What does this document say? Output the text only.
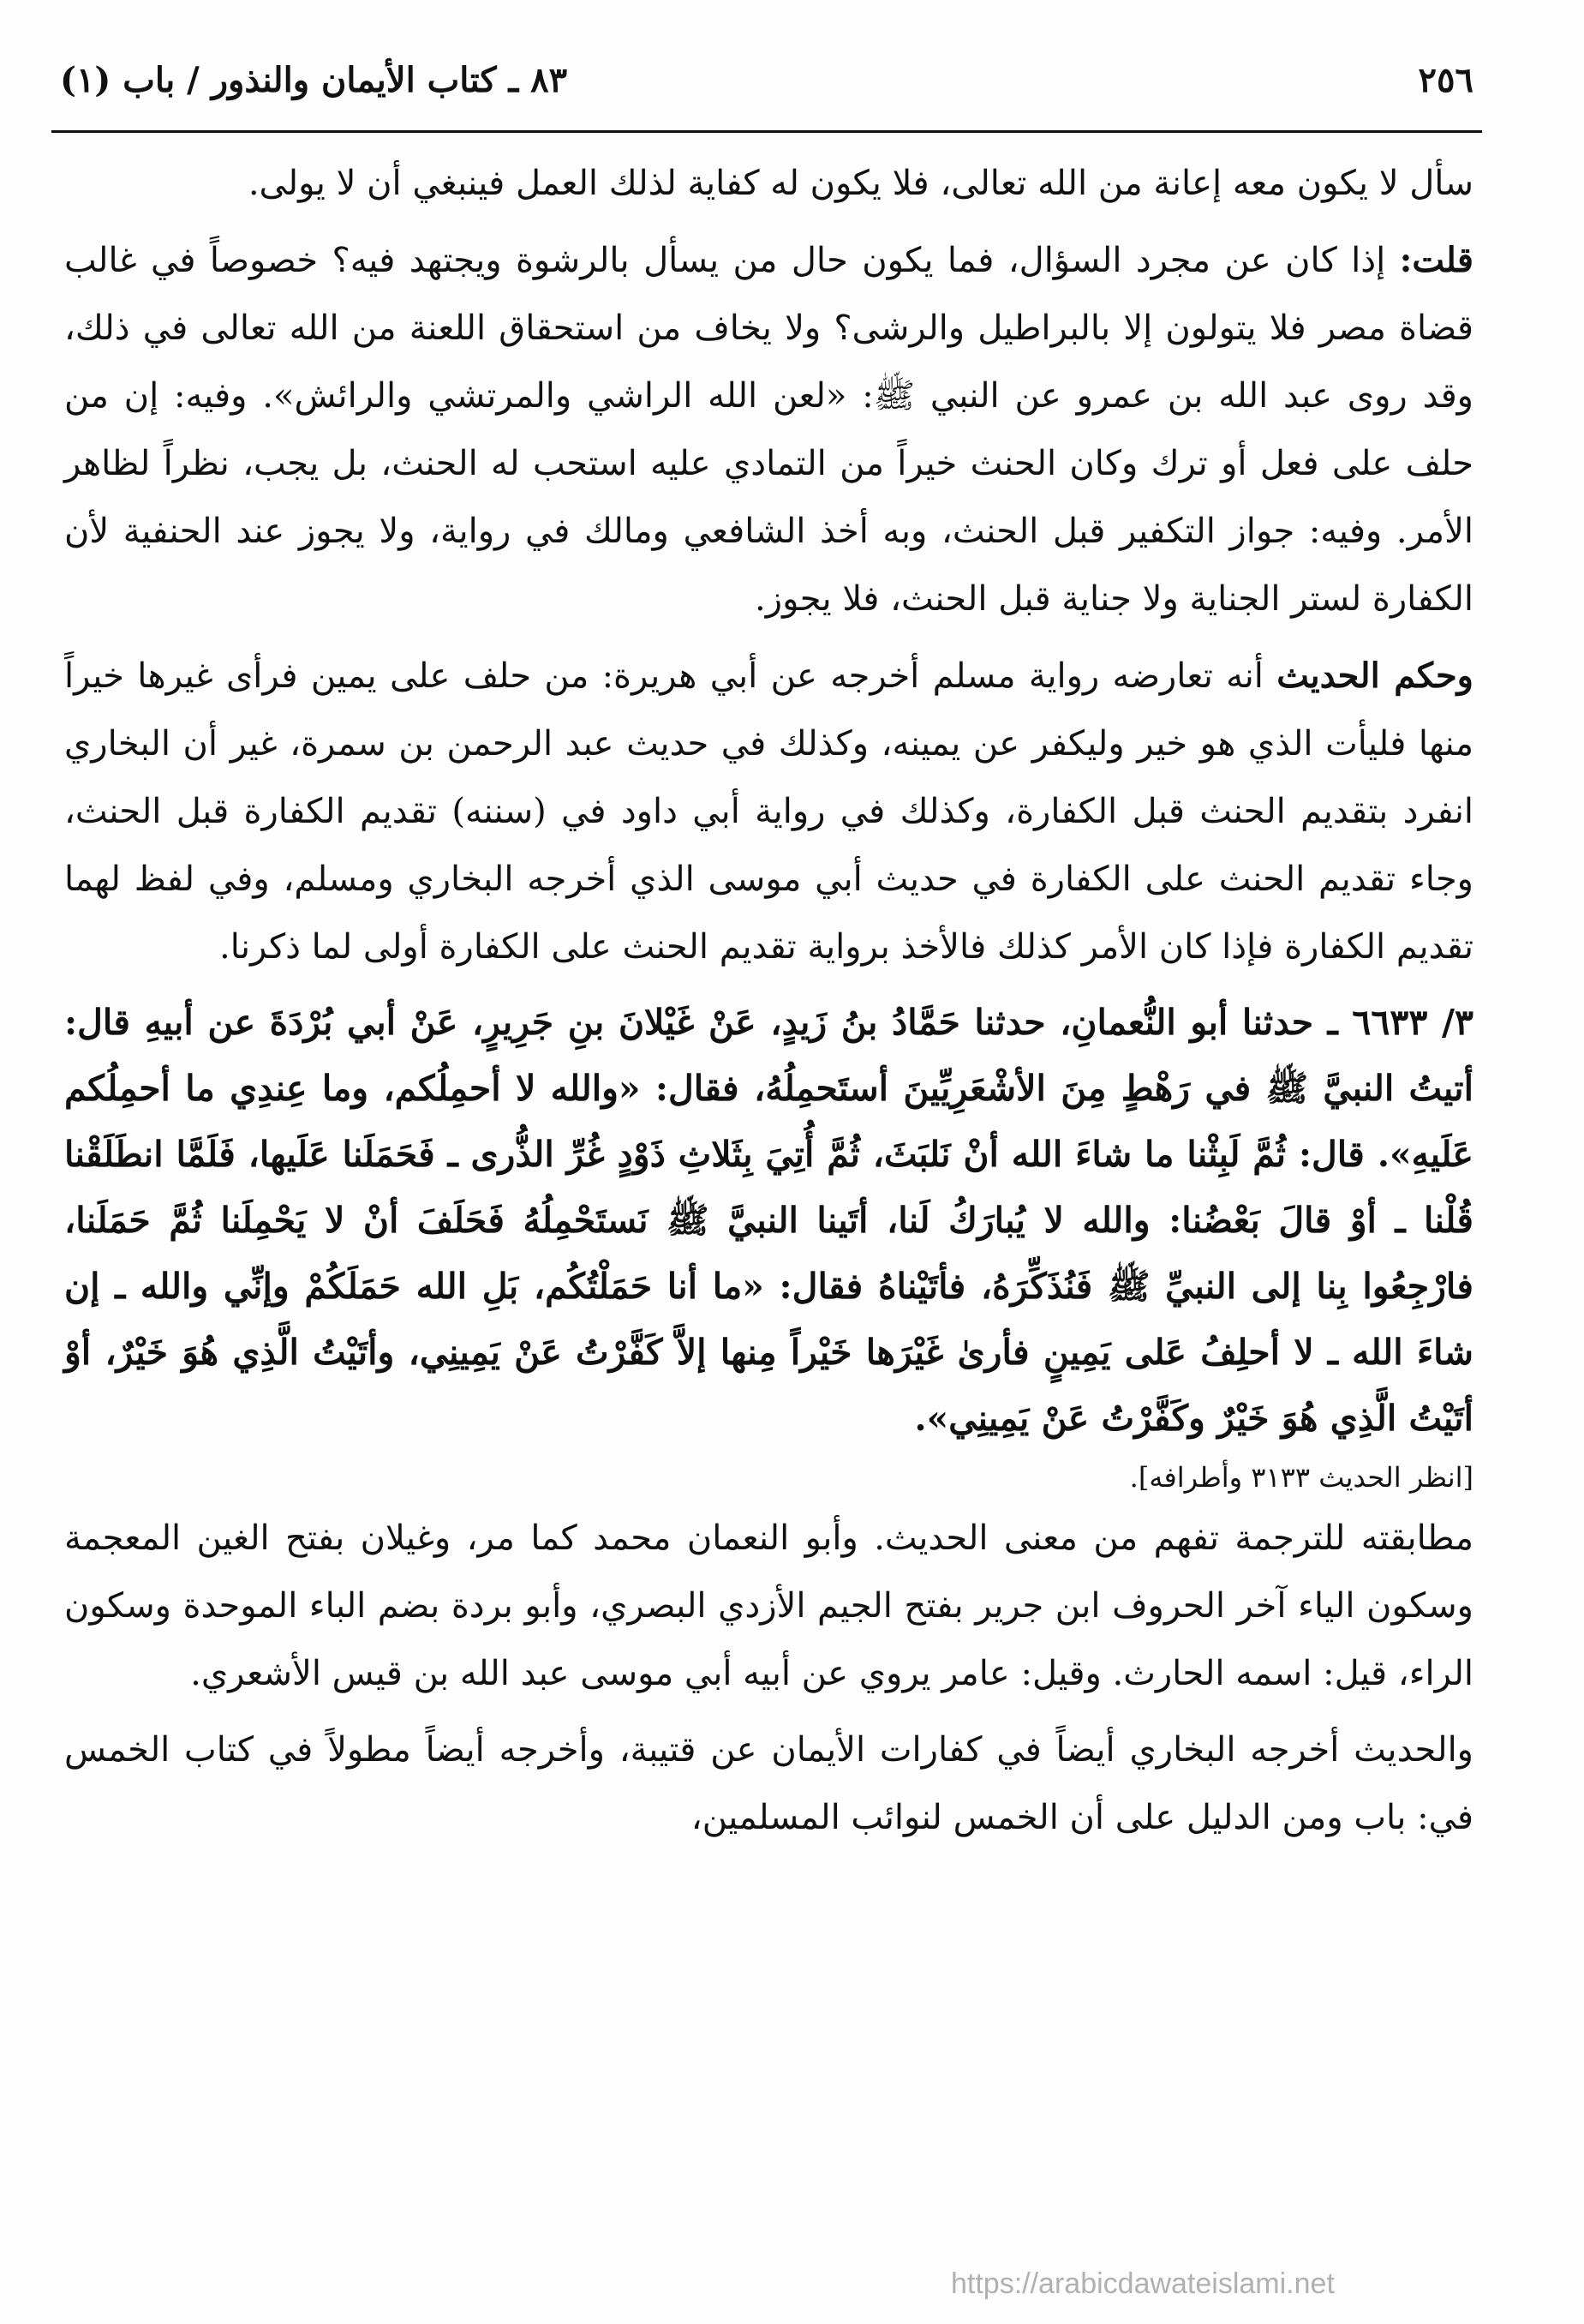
٢٥٦
٨٣ ـ كتاب الأيمان والنذور / باب (١)

سأل لا يكون معه إعانة من الله تعالى، فلا يكون له كفاية لذلك العمل فينبغي أن لا يولى.

قلت: إذا كان عن مجرد السؤال، فما يكون حال من يسأل بالرشوة ويجتهد فيه؟ خصوصاً في غالب قضاة مصر فلا يتولون إلا بالبراطيل والرشى؟ ولا يخاف من استحقاق اللعنة من الله تعالى في ذلك، وقد روى عبد الله بن عمرو عن النبي ﷺ: «لعن الله الراشي والمرتشي والرائش». وفيه: إن من حلف على فعل أو ترك وكان الحنث خيراً من التمادي عليه استحب له الحنث، بل يجب، نظراً لظاهر الأمر. وفيه: جواز التكفير قبل الحنث، وبه أخذ الشافعي ومالك في رواية، ولا يجوز عند الحنفية لأن الكفارة لستر الجناية ولا جناية قبل الحنث، فلا يجوز.

وحكم الحديث أنه تعارضه رواية مسلم أخرجه عن أبي هريرة: من حلف على يمين فرأى غيرها خيراً منها فليأت الذي هو خير وليكفر عن يمينه، وكذلك في حديث عبد الرحمن بن سمرة، غير أن البخاري انفرد بتقديم الحنث قبل الكفارة، وكذلك في رواية أبي داود في (سننه) تقديم الكفارة قبل الحنث، وجاء تقديم الحنث على الكفارة في حديث أبي موسى الذي أخرجه البخاري ومسلم، وفي لفظ لهما تقديم الكفارة فإذا كان الأمر كذلك فالأخذ برواية تقديم الحنث على الكفارة أولى لما ذكرنا.

٣/ ٦٦٣٣ ـ حدثنا أبو النُّعمانِ، حدثنا حَمَّادُ بنُ زَيدٍ، عَنْ غَيْلانَ بنِ جَرِيرٍ، عَنْ أبي بُرْدَةَ عن أبيهِ قال: أتيتُ النبيَّ ﷺ في رَهْطٍ مِنَ الأشْعَرِيِّينَ أستَحمِلُهُ، فقال: «والله لا أحمِلُكم، وما عِندِي ما أحمِلُكم عَلَيهِ». قال: ثُمَّ لَبِثْنا ما شاءَ الله أنْ نَلبَثَ، ثُمَّ أُتِيَ بِثَلاثِ ذَوْدٍ غُرِّ الذُّرى ـ فَحَمَلَنا عَلَيها، فَلَمَّا انطَلَقْنا قُلْنا ـ أوْ قالَ بَعْضُنا: والله لا يُبارَكُ لَنا، أتَينا النبيَّ ﷺ نَستَحْمِلُهُ فَحَلَفَ أنْ لا يَحْمِلَنا ثُمَّ حَمَلَنا، فارْجِعُوا بِنا إلى النبيِّ ﷺ فَنُذَكِّرَهُ، فأتَيْناهُ فقال: «ما أنا حَمَلْتُكُم، بَلِ الله حَمَلَكُمْ وإنِّي والله ـ إن شاءَ الله ـ لا أحلِفُ عَلى يَمِينٍ فأرىٰ غَيْرَها خَيْراً مِنها إلاَّ كَفَّرْتُ عَنْ يَمِينِي، وأتَيْتُ الَّذِي هُوَ خَيْرٌ، أوْ أتَيْتُ الَّذِي هُوَ خَيْرٌ وكَفَّرْتُ عَنْ يَمِينِي».

[انظر الحديث ٣١٣٣ وأطرافه].

مطابقته للترجمة تفهم من معنى الحديث. وأبو النعمان محمد كما مر، وغيلان بفتح الغين المعجمة وسكون الياء آخر الحروف ابن جرير بفتح الجيم الأزدي البصري، وأبو بردة بضم الباء الموحدة وسكون الراء، قيل: اسمه الحارث. وقيل: عامر يروي عن أبيه أبي موسى عبد الله بن قيس الأشعري.

والحديث أخرجه البخاري أيضاً في كفارات الأيمان عن قتيبة، وأخرجه أيضاً مطولاً في كتاب الخمس في: باب ومن الدليل على أن الخمس لنوائب المسلمين،

https://arabicdawateislami.net
